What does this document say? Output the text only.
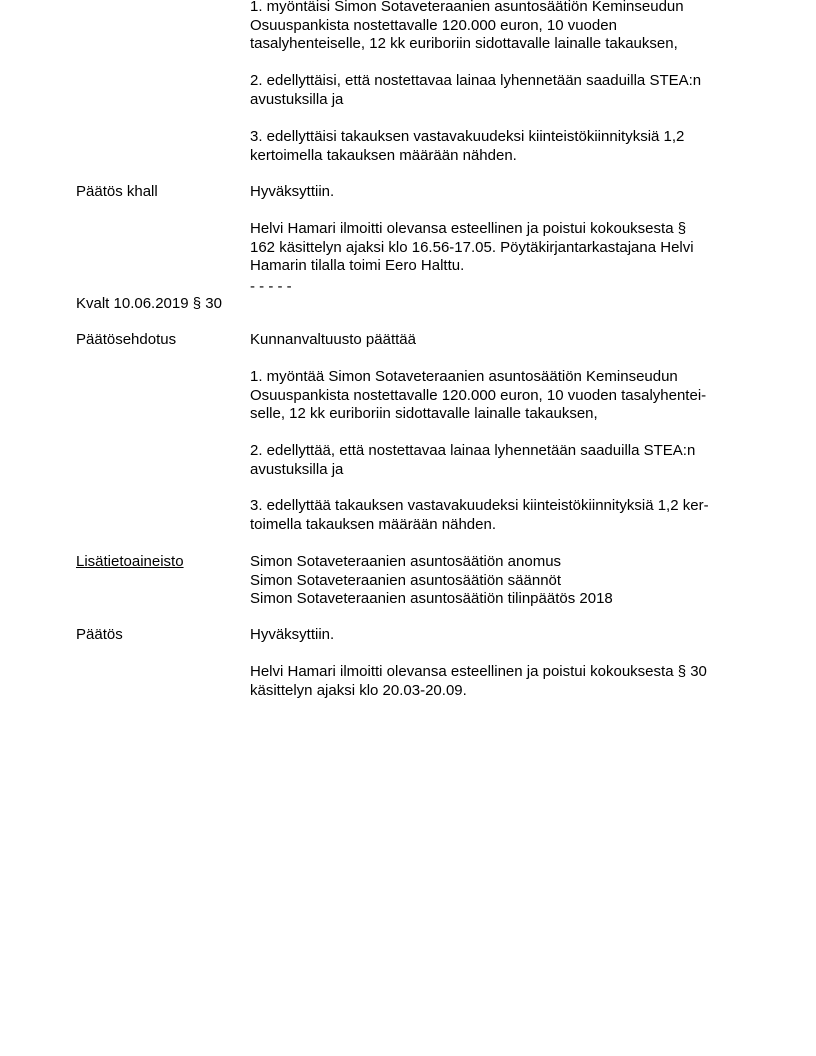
1. myöntäisi Simon Sotaveteraanien asuntosäätiön Keminseudun
Osuuspankista nostettavalle 120.000 euron, 10 vuoden
tasalyhenteiselle, 12 kk euriboriin sidottavalle lainalle takauksen,

2. edellyttäisi, että nostettavaa lainaa lyhennetään saaduilla STEA:n
avustuksilla ja

3. edellyttäisi takauksen vastavakuudeksi kiinteistökiinnityksiä 1,2
kertoimella takauksen määrään nähden.

Päätös khall	Hyväksyttiin.

Helvi Hamari ilmoitti olevansa esteellinen ja poistui kokouksesta §
162 käsittelyn ajaksi klo 16.56-17.05. Pöytäkirjantarkastajana Helvi
Hamarin tilalla toimi Eero Halttu.

- - - - -

Kvalt 10.06.2019 § 30

Päätösehdotus	Kunnanvaltuusto päättää

1. myöntää Simon Sotaveteraanien asuntosäätiön Keminseudun
Osuuspankista nostettavalle 120.000 euron, 10 vuoden tasalyhentei-
selle, 12 kk euriboriin sidottavalle lainalle takauksen,

2. edellyttää, että nostettavaa lainaa lyhennetään saaduilla STEA:n
avustuksilla ja

3. edellyttää takauksen vastavakuudeksi kiinteistökiinnityksiä 1,2 ker-
toimella takauksen määrään nähden.

Lisätietoaineisto	Simon Sotaveteraanien asuntosäätiön anomus
Simon Sotaveteraanien asuntosäätiön säännöt
Simon Sotaveteraanien asuntosäätiön tilinpäätös 2018

Päätös	Hyväksyttiin.

Helvi Hamari ilmoitti olevansa esteellinen ja poistui kokouksesta § 30
käsittelyn ajaksi klo 20.03-20.09.
